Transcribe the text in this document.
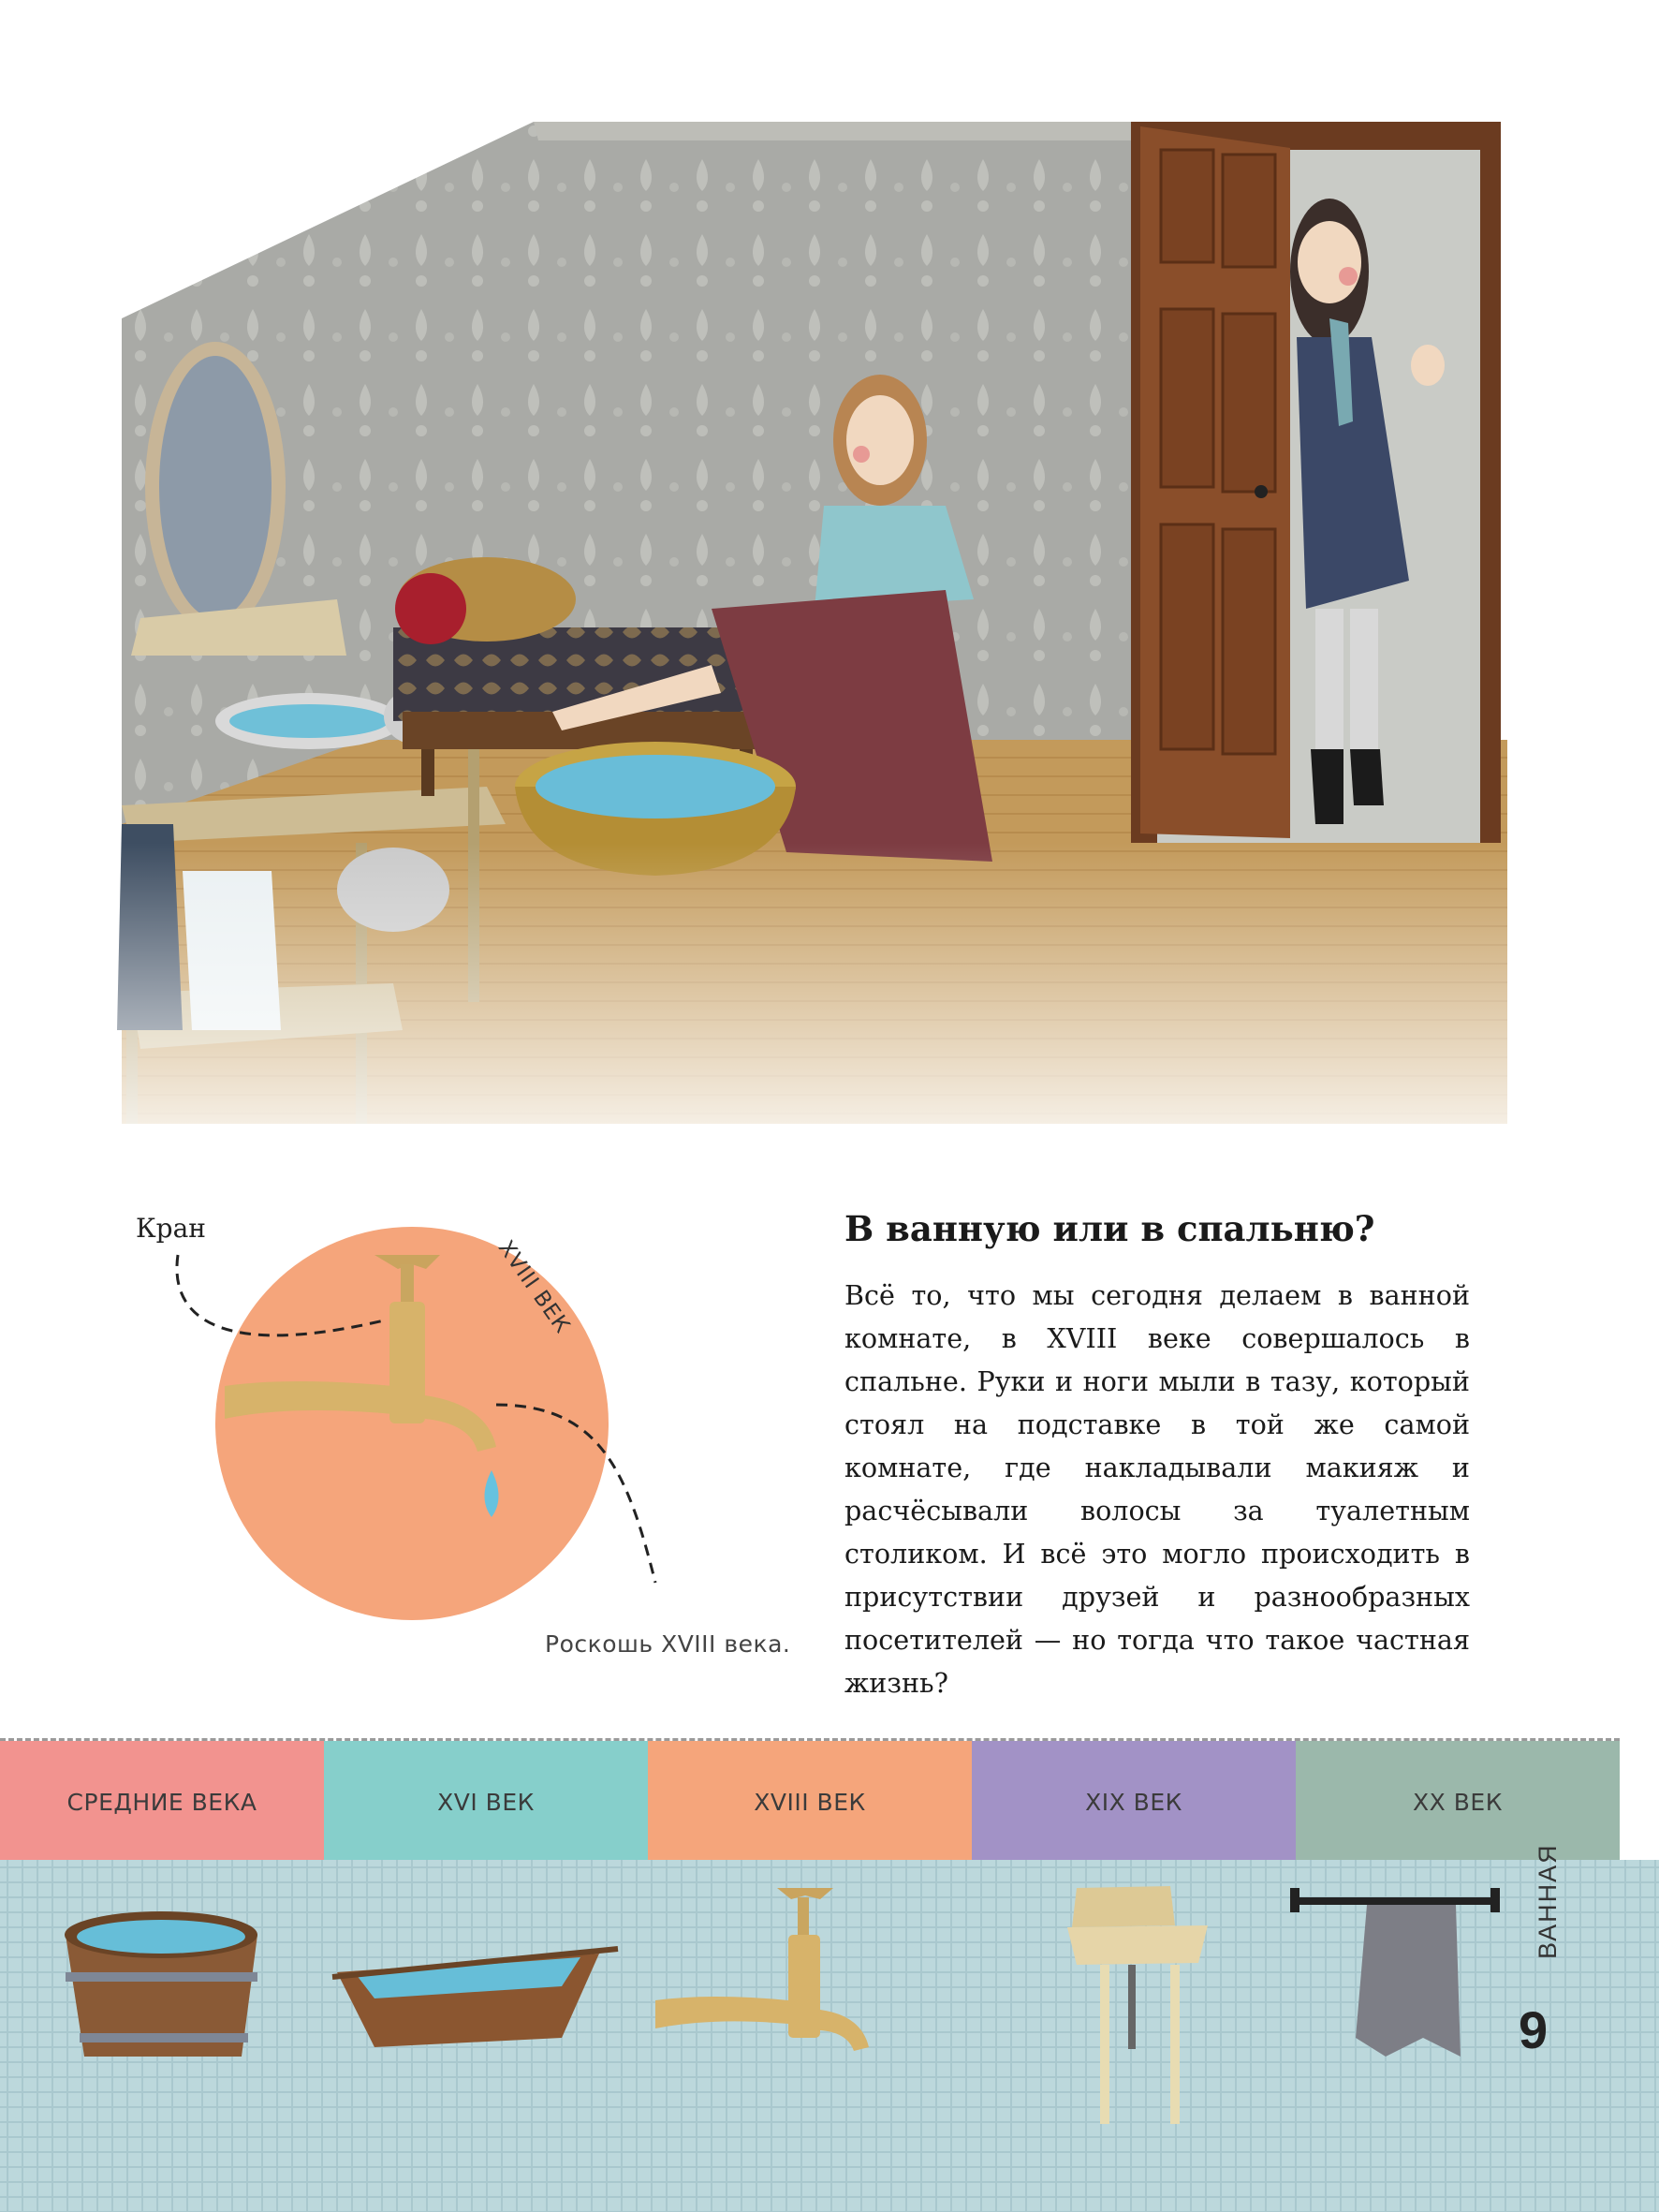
Кран
XVIII ВЕК
Роскошь XVIII века.
В ванную или в спальню?
Всё то, что мы сегодня делаем в ванной комнате, в XVIII веке совершалось в спальне. Руки и ноги мыли в тазу, который стоял на подставке в той же самой комнате, где накладывали макияж и расчёсывали волосы за туалетным столиком. И всё это могло происходить в присутствии друзей и разнообразных посетителей — но тогда что такое частная жизнь?
СРЕДНИЕ ВЕКА	XVI ВЕК	XVIII ВЕК	XIX ВЕК	XX ВЕК
ВАННАЯ
9
